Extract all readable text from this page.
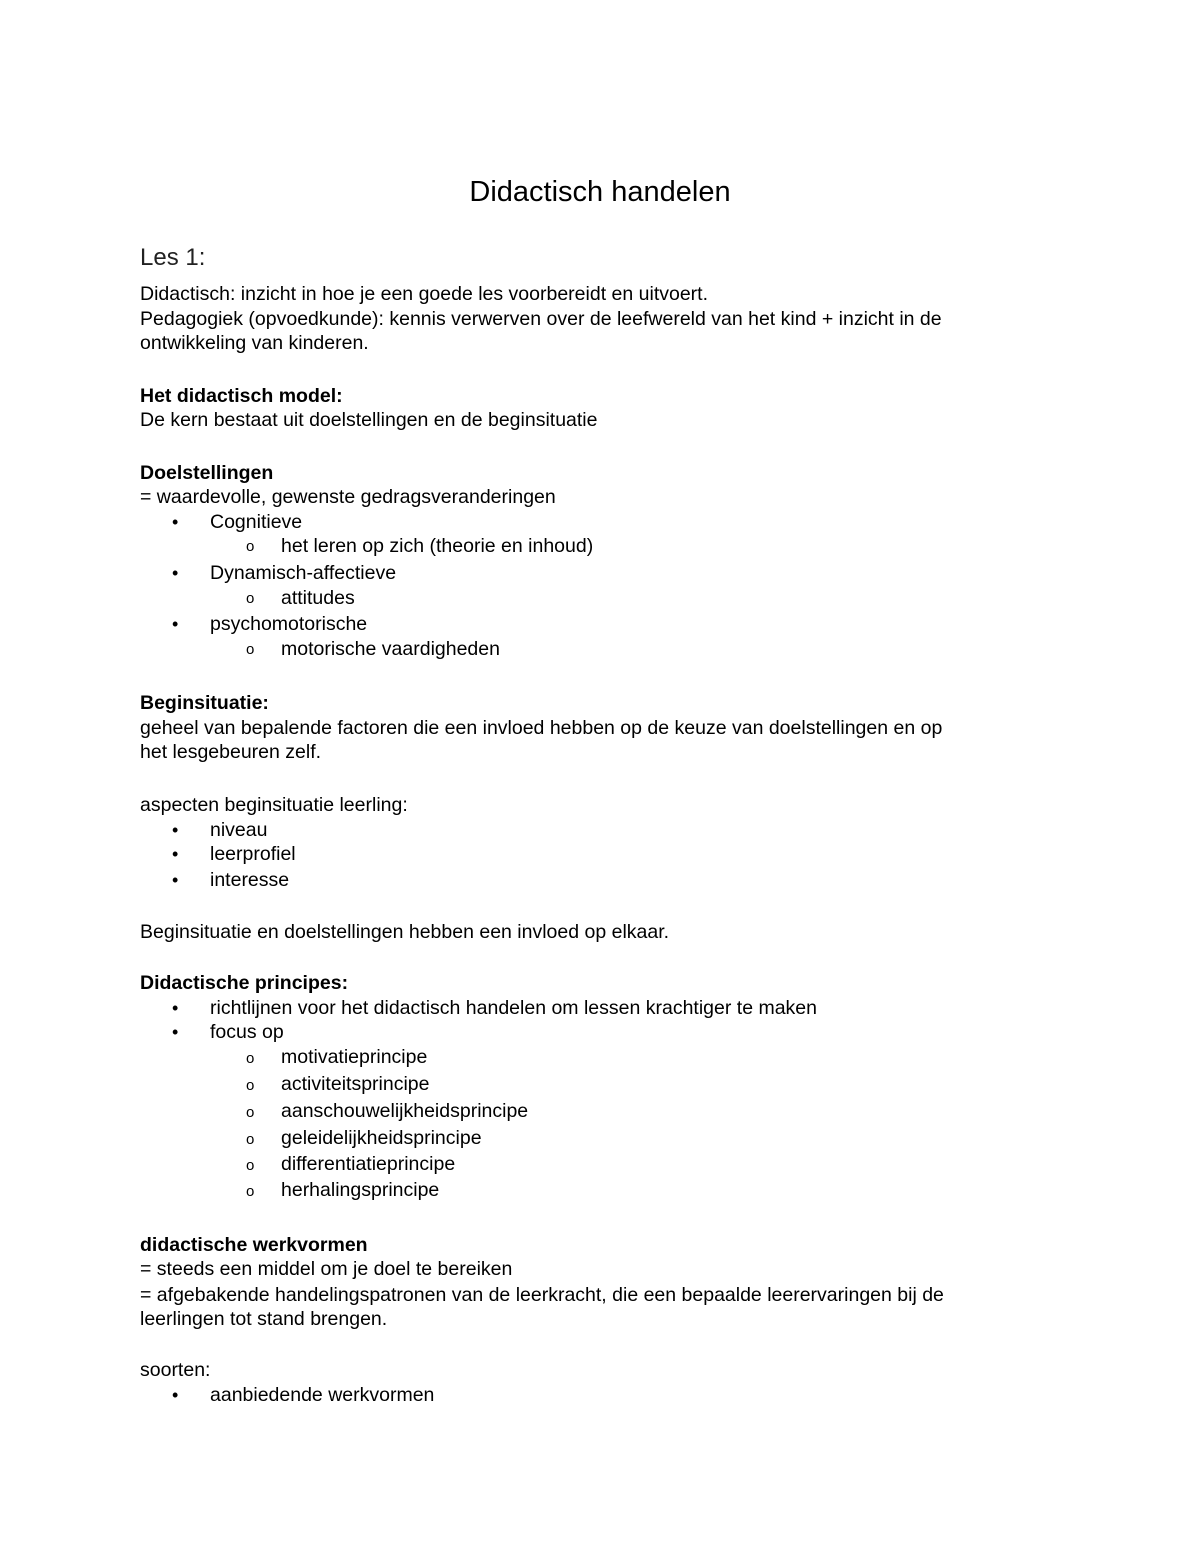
Didactisch handelen
Les 1:
Didactisch: inzicht in hoe je een goede les voorbereidt en uitvoert.
Pedagogiek (opvoedkunde): kennis verwerven over de leefwereld van het kind + inzicht in de
ontwikkeling van kinderen.
Het didactisch model:
De kern bestaat uit doelstellingen en de beginsituatie
Doelstellingen
= waardevolle, gewenste gedragsveranderingen
• Cognitieve
o het leren op zich (theorie en inhoud)
• Dynamisch-affectieve
o attitudes
• psychomotorische
o motorische vaardigheden
Beginsituatie:
geheel van bepalende factoren die een invloed hebben op de keuze van doelstellingen en op
het lesgebeuren zelf.
aspecten beginsituatie leerling:
• niveau
• leerprofiel
• interesse
Beginsituatie en doelstellingen hebben een invloed op elkaar.
Didactische principes:
• richtlijnen voor het didactisch handelen om lessen krachtiger te maken
• focus op
o motivatieprincipe
o activiteitsprincipe
o aanschouwelijkheidsprincipe
o geleidelijkheidsprincipe
o differentiatieprincipe
o herhalingsprincipe
didactische werkvormen
= steeds een middel om je doel te bereiken
= afgebakende handelingspatronen van de leerkracht, die een bepaalde leerervaringen bij de
leerlingen tot stand brengen.
soorten:
• aanbiedende werkvormen
